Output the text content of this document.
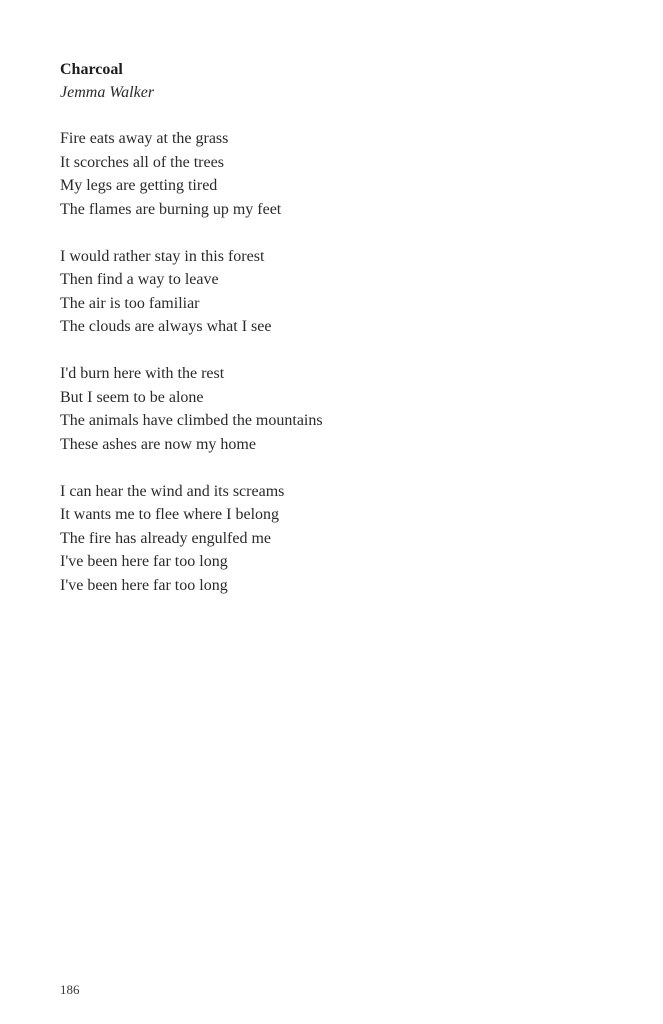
Charcoal

Jemma Walker

Fire eats away at the grass
It scorches all of the trees
My legs are getting tired
The flames are burning up my feet
I would rather stay in this forest
Then find a way to leave
The air is too familiar
The clouds are always what I see
I'd burn here with the rest
But I seem to be alone
The animals have climbed the mountains
These ashes are now my home
I can hear the wind and its screams
It wants me to flee where I belong
The fire has already engulfed me
I've been here far too long
I've been here far too long
186
